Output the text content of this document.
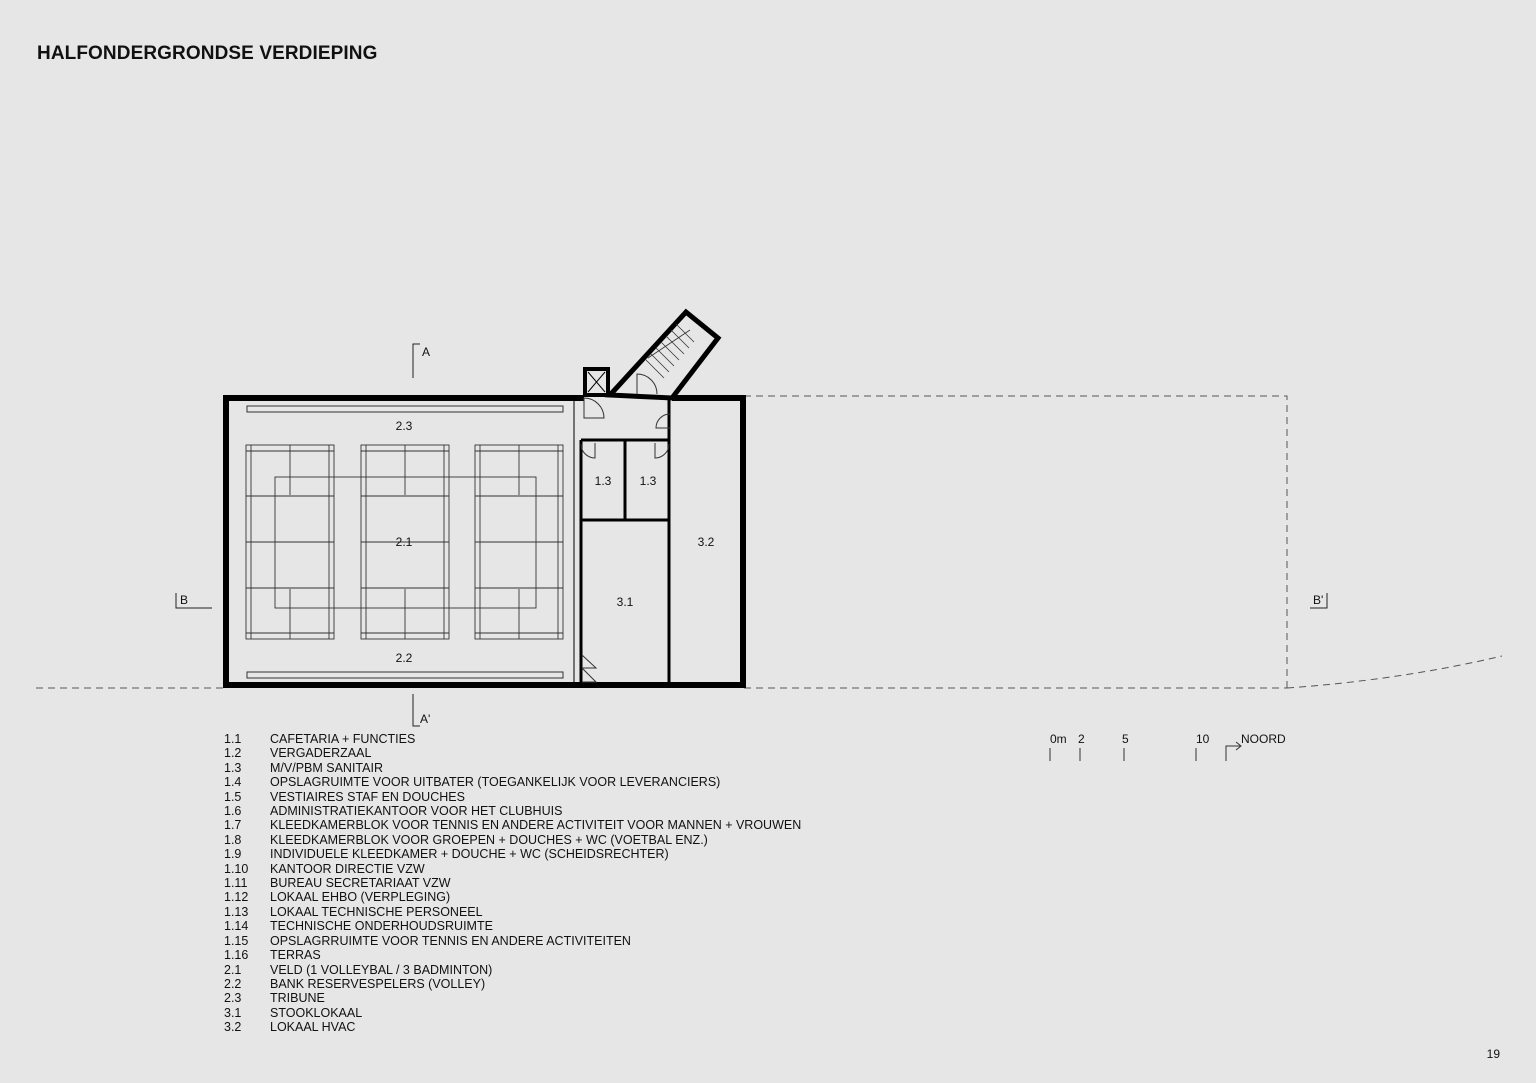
HALFONDERGRONDSE VERDIEPING
2.3
2.1
2.2
1.3 1.3
3.1
3.2
A
A'
B	B'
0m 2	5	10	NOORD
1.1	CAFETARIA + FUNCTIES
1.2	VERGADERZAAL
1.3	M/V/PBM SANITAIR
1.4	OPSLAGRUIMTE VOOR UITBATER (TOEGANKELIJK VOOR LEVERANCIERS)
1.5	VESTIAIRES STAF EN DOUCHES
1.6	ADMINISTRATIEKANTOOR VOOR HET CLUBHUIS
1.7	KLEEDKAMERBLOK VOOR TENNIS EN ANDERE ACTIVITEIT VOOR MANNEN + VROUWEN
1.8	KLEEDKAMERBLOK VOOR GROEPEN + DOUCHES + WC (VOETBAL ENZ.)
1.9	INDIVIDUELE KLEEDKAMER + DOUCHE + WC (SCHEIDSRECHTER)
1.10	KANTOOR DIRECTIE VZW
1.11	BUREAU SECRETARIAAT VZW
1.12	LOKAAL EHBO (VERPLEGING)
1.13	LOKAAL TECHNISCHE PERSONEEL
1.14	TECHNISCHE ONDERHOUDSRUIMTE
1.15	OPSLAGRRUIMTE VOOR TENNIS EN ANDERE ACTIVITEITEN
1.16	TERRAS
2.1	VELD (1 VOLLEYBAL / 3 BADMINTON)
2.2	BANK RESERVESPELERS (VOLLEY)
2.3	TRIBUNE
3.1	STOOKLOKAAL
3.2	LOKAAL HVAC
19
